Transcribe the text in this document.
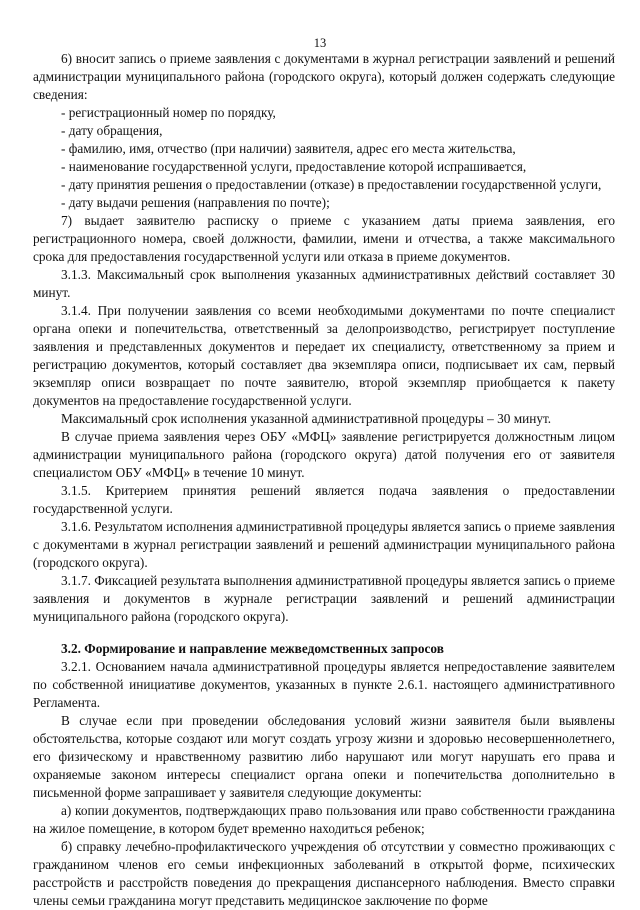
13

6) вносит запись о приеме заявления с документами в журнал регистрации заявлений и решений администрации муниципального района (городского округа), который должен содержать следующие сведения:

- регистрационный номер по порядку,

- дату обращения,

- фамилию, имя, отчество (при наличии) заявителя, адрес его места жительства,

- наименование государственной услуги, предоставление которой испрашивается,

- дату принятия решения о предоставлении (отказе) в предоставлении государственной услуги,

- дату выдачи решения (направления по почте);

7) выдает заявителю расписку о приеме с указанием даты приема заявления, его регистрационного номера, своей должности, фамилии, имени и отчества, а также максимального срока для предоставления государственной услуги или отказа в приеме документов.

3.1.3. Максимальный срок выполнения указанных административных действий составляет 30 минут.

3.1.4. При получении заявления со всеми необходимыми документами по почте специалист органа опеки и попечительства, ответственный за делопроизводство, регистрирует поступление заявления и представленных документов и передает их специалисту, ответственному за прием и регистрацию документов, который составляет два экземпляра описи, подписывает их сам, первый экземпляр описи возвращает по почте заявителю, второй экземпляр приобщается к пакету документов на предоставление государственной услуги.

Максимальный срок исполнения указанной административной процедуры – 30 минут.

В случае приема заявления через ОБУ «МФЦ» заявление регистрируется должностным лицом администрации муниципального района (городского округа) датой получения его от заявителя специалистом ОБУ «МФЦ» в течение 10 минут.

3.1.5. Критерием принятия решений является подача заявления о предоставлении государственной услуги.

3.1.6. Результатом исполнения административной процедуры является запись о приеме заявления с документами в журнал регистрации заявлений и решений администрации муниципального района (городского округа).

3.1.7. Фиксацией результата выполнения административной процедуры является запись о приеме заявления и документов в журнале регистрации заявлений и решений администрации муниципального района (городского округа).

3.2. Формирование и направление межведомственных запросов

3.2.1. Основанием начала административной процедуры является непредоставление заявителем по собственной инициативе документов, указанных в пункте 2.6.1. настоящего административного Регламента.

В случае если при проведении обследования условий жизни заявителя были выявлены обстоятельства, которые создают или могут создать угрозу жизни и здоровью несовершеннолетнего, его физическому и нравственному развитию либо нарушают или могут нарушать его права и охраняемые законом интересы специалист органа опеки и попечительства дополнительно в письменной форме запрашивает у заявителя следующие документы:

а) копии документов, подтверждающих право пользования или право собственности гражданина на жилое помещение, в котором будет временно находиться ребенок;

б) справку лечебно-профилактического учреждения об отсутствии у совместно проживающих с гражданином членов его семьи инфекционных заболеваний в открытой форме, психических расстройств и расстройств поведения до прекращения диспансерного наблюдения. Вместо справки члены семьи гражданина могут представить медицинское заключение по форме
